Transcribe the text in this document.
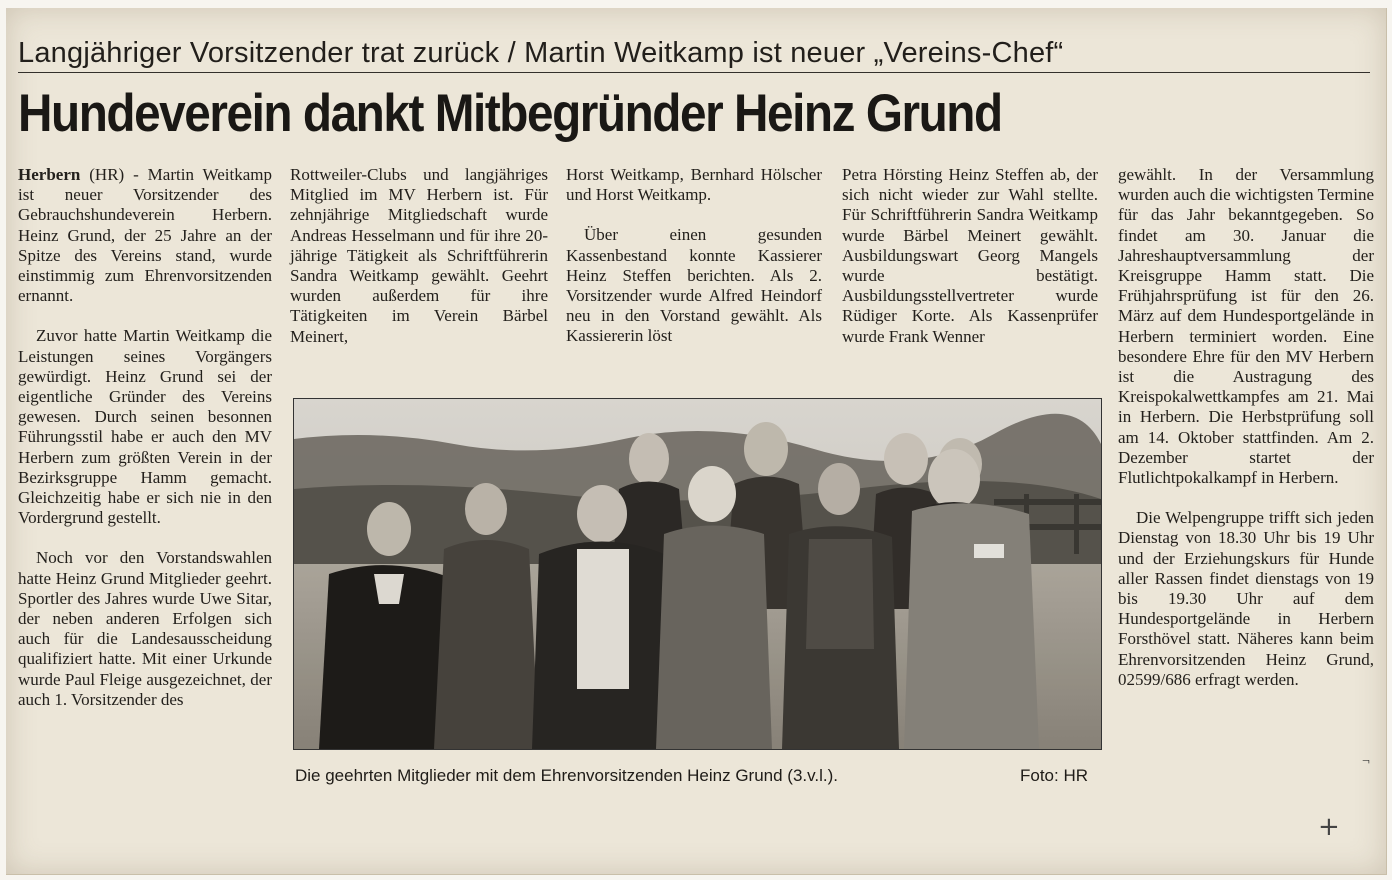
Langjähriger Vorsitzender trat zurück / Martin Weitkamp ist neuer „Vereins-Chef“
Hundeverein dankt Mitbegründer Heinz Grund

Herbern (HR) - Martin Weitkamp ist neuer Vorsitzender des Gebrauchshundeverein Herbern. Heinz Grund, der 25 Jahre an der Spitze des Vereins stand, wurde einstimmig zum Ehrenvorsitzenden ernannt.

Zuvor hatte Martin Weitkamp die Leistungen seines Vorgängers gewürdigt. Heinz Grund sei der eigentliche Gründer des Vereins gewesen. Durch seinen besonnen Führungsstil habe er auch den MV Herbern zum größten Verein in der Bezirksgruppe Hamm gemacht. Gleichzeitig habe er sich nie in den Vordergrund gestellt.

Noch vor den Vorstandswahlen hatte Heinz Grund Mitglieder geehrt. Sportler des Jahres wurde Uwe Sitar, der neben anderen Erfolgen sich auch für die Landesausscheidung qualifiziert hatte. Mit einer Urkunde wurde Paul Fleige ausgezeichnet, der auch 1. Vorsitzender des

Rottweiler-Clubs und langjähriges Mitglied im MV Herbern ist. Für zehnjährige Mitgliedschaft wurde Andreas Hesselmann und für ihre 20-jährige Tätigkeit als Schriftführerin Sandra Weitkamp gewählt. Geehrt wurden außerdem für ihre Tätigkeiten im Verein Bärbel Meinert,

Horst Weitkamp, Bernhard Hölscher und Horst Weitkamp.

Über einen gesunden Kassenbestand konnte Kassierer Heinz Steffen berichten. Als 2. Vorsitzender wurde Alfred Heindorf neu in den Vorstand gewählt. Als Kassiererin löst

Petra Hörsting Heinz Steffen ab, der sich nicht wieder zur Wahl stellte. Für Schriftführerin Sandra Weitkamp wurde Bärbel Meinert gewählt. Ausbildungswart Georg Mangels wurde bestätigt. Ausbildungsstellvertreter wurde Rüdiger Korte. Als Kassenprüfer wurde Frank Wenner

gewählt. In der Versammlung wurden auch die wichtigsten Termine für das Jahr bekanntgegeben. So findet am 30. Januar die Jahreshauptversammlung der Kreisgruppe Hamm statt. Die Frühjahrsprüfung ist für den 26. März auf dem Hundesportgelände in Herbern terminiert worden. Eine besondere Ehre für den MV Herbern ist die Austragung des Kreispokalwettkampfes am 21. Mai in Herbern. Die Herbstprüfung soll am 14. Oktober stattfinden. Am 2. Dezember startet der Flutlichtpokalkampf in Herbern.

Die Welpengruppe trifft sich jeden Dienstag von 18.30 Uhr bis 19 Uhr und der Erziehungskurs für Hunde aller Rassen findet dienstags von 19 bis 19.30 Uhr auf dem Hundesportgelände in Herbern Forsthövel statt. Näheres kann beim Ehrenvorsitzenden Heinz Grund, 02599/686 erfragt werden.

Die geehrten Mitglieder mit dem Ehrenvorsitzenden Heinz Grund (3.v.l.).	Foto: HR
+
¬
